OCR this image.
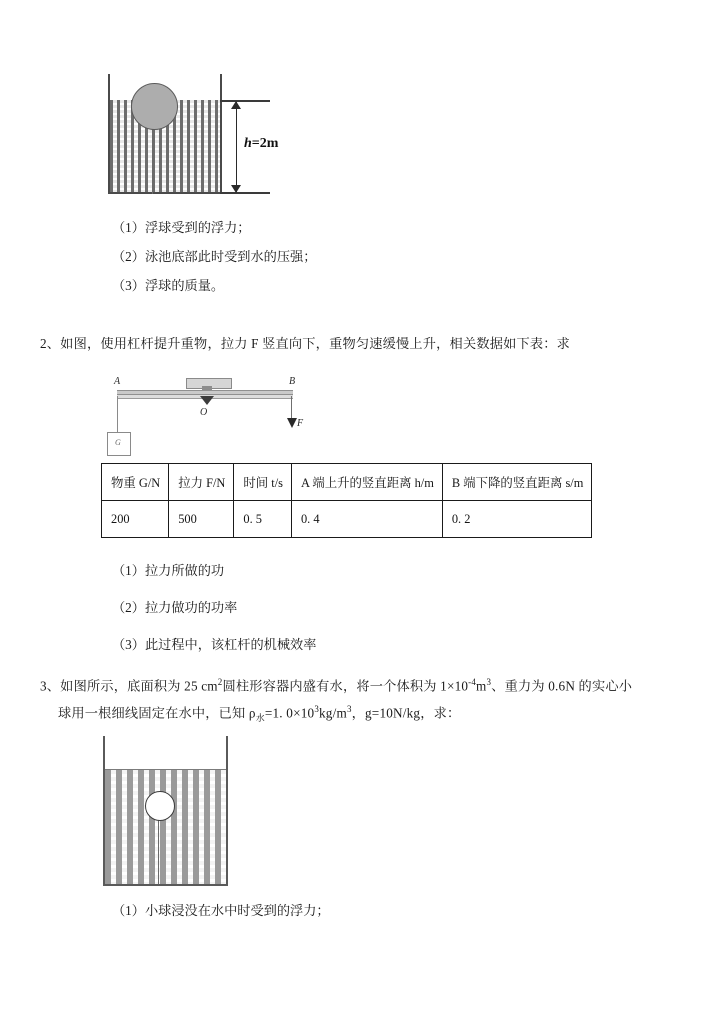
h=2m
（1）浮球受到的浮力；
（2）泳池底部此时受到水的压强；
（3）浮球的质量。
2、如图，使用杠杆提升重物，拉力 F 竖直向下，重物匀速缓慢上升，相关数据如下表：求
G
A	B
O
F
物重 G/N	拉力 F/N	时间 t/s	A 端上升的竖直距离 h/m	B 端下降的竖直距离 s/m
200	500	0. 5	0. 4	0. 2
（1）拉力所做的功
（2）拉力做功的功率
（3）此过程中，该杠杆的机械效率
3、如图所示，底面积为 25 $cm^2$圆柱形容器内盛有水，将一个体积为 $1\times 10^{-4}m^3$、重力为 0.6N 的实心小
球用一根细线固定在水中，已知 $\rho_水=1$. $0\times 10^3kg/m^3$，g=10N/kg，求：
（1）小球浸没在水中时受到的浮力；
